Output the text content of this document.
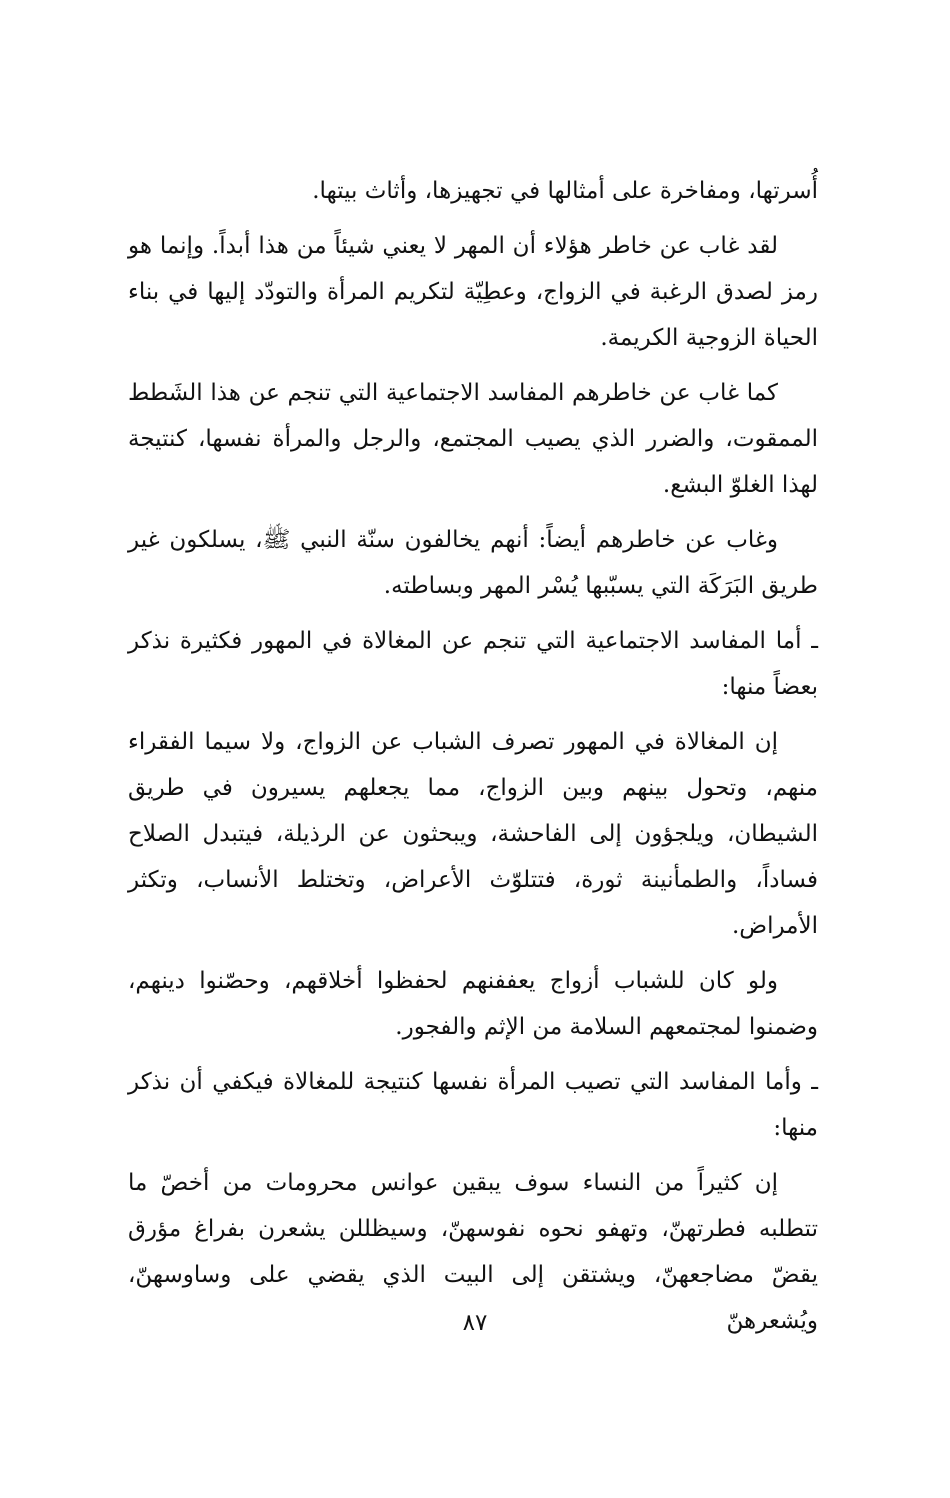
أُسرتها، ومفاخرة على أمثالها في تجهيزها، وأثاث بيتها.

لقد غاب عن خاطر هؤلاء أن المهر لا يعني شيئاً من هذا أبداً. وإنما هو رمز لصدق الرغبة في الزواج، وعطِيّة لتكريم المرأة والتودّد إليها في بناء الحياة الزوجية الكريمة.

كما غاب عن خاطرهم المفاسد الاجتماعية التي تنجم عن هذا الشَطط الممقوت، والضرر الذي يصيب المجتمع، والرجل والمرأة نفسها، كنتيجة لهذا الغلوّ البشع.

وغاب عن خاطرهم أيضاً: أنهم يخالفون سنّة النبي ﷺ، يسلكون غير طريق البَرَكَة التي يسبّبها يُسْر المهر وبساطته.

ـ أما المفاسد الاجتماعية التي تنجم عن المغالاة في المهور فكثيرة نذكر بعضاً منها:

إن المغالاة في المهور تصرف الشباب عن الزواج، ولا سيما الفقراء منهم، وتحول بينهم وبين الزواج، مما يجعلهم يسيرون في طريق الشيطان، ويلجؤون إلى الفاحشة، ويبحثون عن الرذيلة، فيتبدل الصلاح فساداً، والطمأنينة ثورة، فتتلوّث الأعراض، وتختلط الأنساب، وتكثر الأمراض.

ولو كان للشباب أزواج يعففنهم لحفظوا أخلاقهم، وحصّنوا دينهم، وضمنوا لمجتمعهم السلامة من الإثم والفجور.

ـ وأما المفاسد التي تصيب المرأة نفسها كنتيجة للمغالاة فيكفي أن نذكر منها:

إن كثيراً من النساء سوف يبقين عوانس محرومات من أخصّ ما تتطلبه فطرتهنّ، وتهفو نحوه نفوسهنّ، وسيظللن يشعرن بفراغ مؤرق يقضّ مضاجعهنّ، ويشتقن إلى البيت الذي يقضي على وساوسهنّ، ويُشعرهنّ

٨٧
